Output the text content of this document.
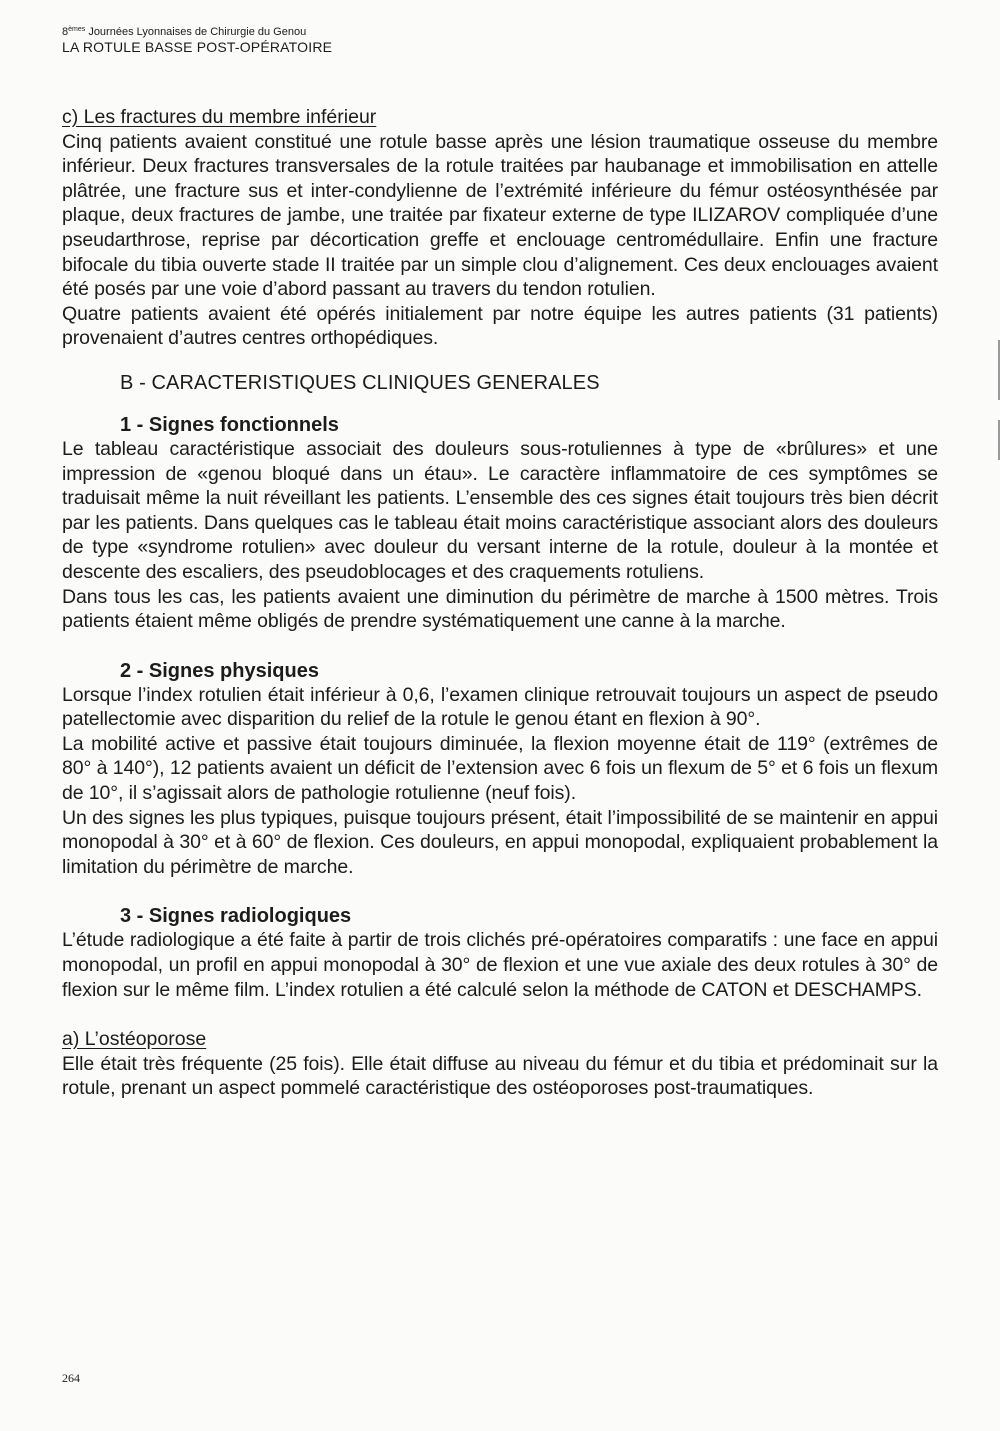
8èmes Journées Lyonnaises de Chirurgie du Genou
LA ROTULE BASSE POST-OPÉRATOIRE

c) Les fractures du membre inférieur

Cinq patients avaient constitué une rotule basse après une lésion traumatique osseuse du membre inférieur. Deux fractures transversales de la rotule traitées par haubanage et immobilisation en attelle plâtrée, une fracture sus et inter-condylienne de l’extrémité inférieure du fémur ostéosynthésée par plaque, deux fractures de jambe, une traitée par fixateur externe de type ILIZAROV compliquée d’une pseudarthrose, reprise par décortication greffe et enclouage centromédullaire. Enfin une fracture bifocale du tibia ouverte stade II traitée par un simple clou d’alignement. Ces deux enclouages avaient été posés par une voie d’abord passant au travers du tendon rotulien.

Quatre patients avaient été opérés initialement par notre équipe les autres patients (31 patients) provenaient d’autres centres orthopédiques.

B - CARACTERISTIQUES CLINIQUES GENERALES

1 - Signes fonctionnels

Le tableau caractéristique associait des douleurs sous-rotuliennes à type de «brûlures» et une impression de «genou bloqué dans un étau». Le caractère inflammatoire de ces symptômes se traduisait même la nuit réveillant les patients. L’ensemble des ces signes était toujours très bien décrit par les patients. Dans quelques cas le tableau était moins caractéristique associant alors des douleurs de type «syndrome rotulien» avec douleur du versant interne de la rotule, douleur à la montée et descente des escaliers, des pseudoblocages et des craquements rotuliens.

Dans tous les cas, les patients avaient une diminution du périmètre de marche à 1500 mètres. Trois patients étaient même obligés de prendre systématiquement une canne à la marche.

2 - Signes physiques

Lorsque l’index rotulien était inférieur à 0,6, l’examen clinique retrouvait toujours un aspect de pseudo patellectomie avec disparition du relief de la rotule le genou étant en flexion à 90°.

La mobilité active et passive était toujours diminuée, la flexion moyenne était de 119° (extrêmes de 80° à 140°), 12 patients avaient un déficit de l’extension avec 6 fois un flexum de 5° et 6 fois un flexum de 10°, il s’agissait alors de pathologie rotulienne (neuf fois).

Un des signes les plus typiques, puisque toujours présent, était l’impossibilité de se maintenir en appui monopodal à 30° et à 60° de flexion. Ces douleurs, en appui monopodal, expliquaient probablement la limitation du périmètre de marche.

3 - Signes radiologiques

L’étude radiologique a été faite à partir de trois clichés pré-opératoires comparatifs : une face en appui monopodal, un profil en appui monopodal à 30° de flexion et une vue axiale des deux rotules à 30° de flexion sur le même film. L’index rotulien a été calculé selon la méthode de CATON et DESCHAMPS.

a) L’ostéoporose

Elle était très fréquente (25 fois). Elle était diffuse au niveau du fémur et du tibia et prédominait sur la rotule, prenant un aspect pommelé caractéristique des ostéoporoses post-traumatiques.

264
